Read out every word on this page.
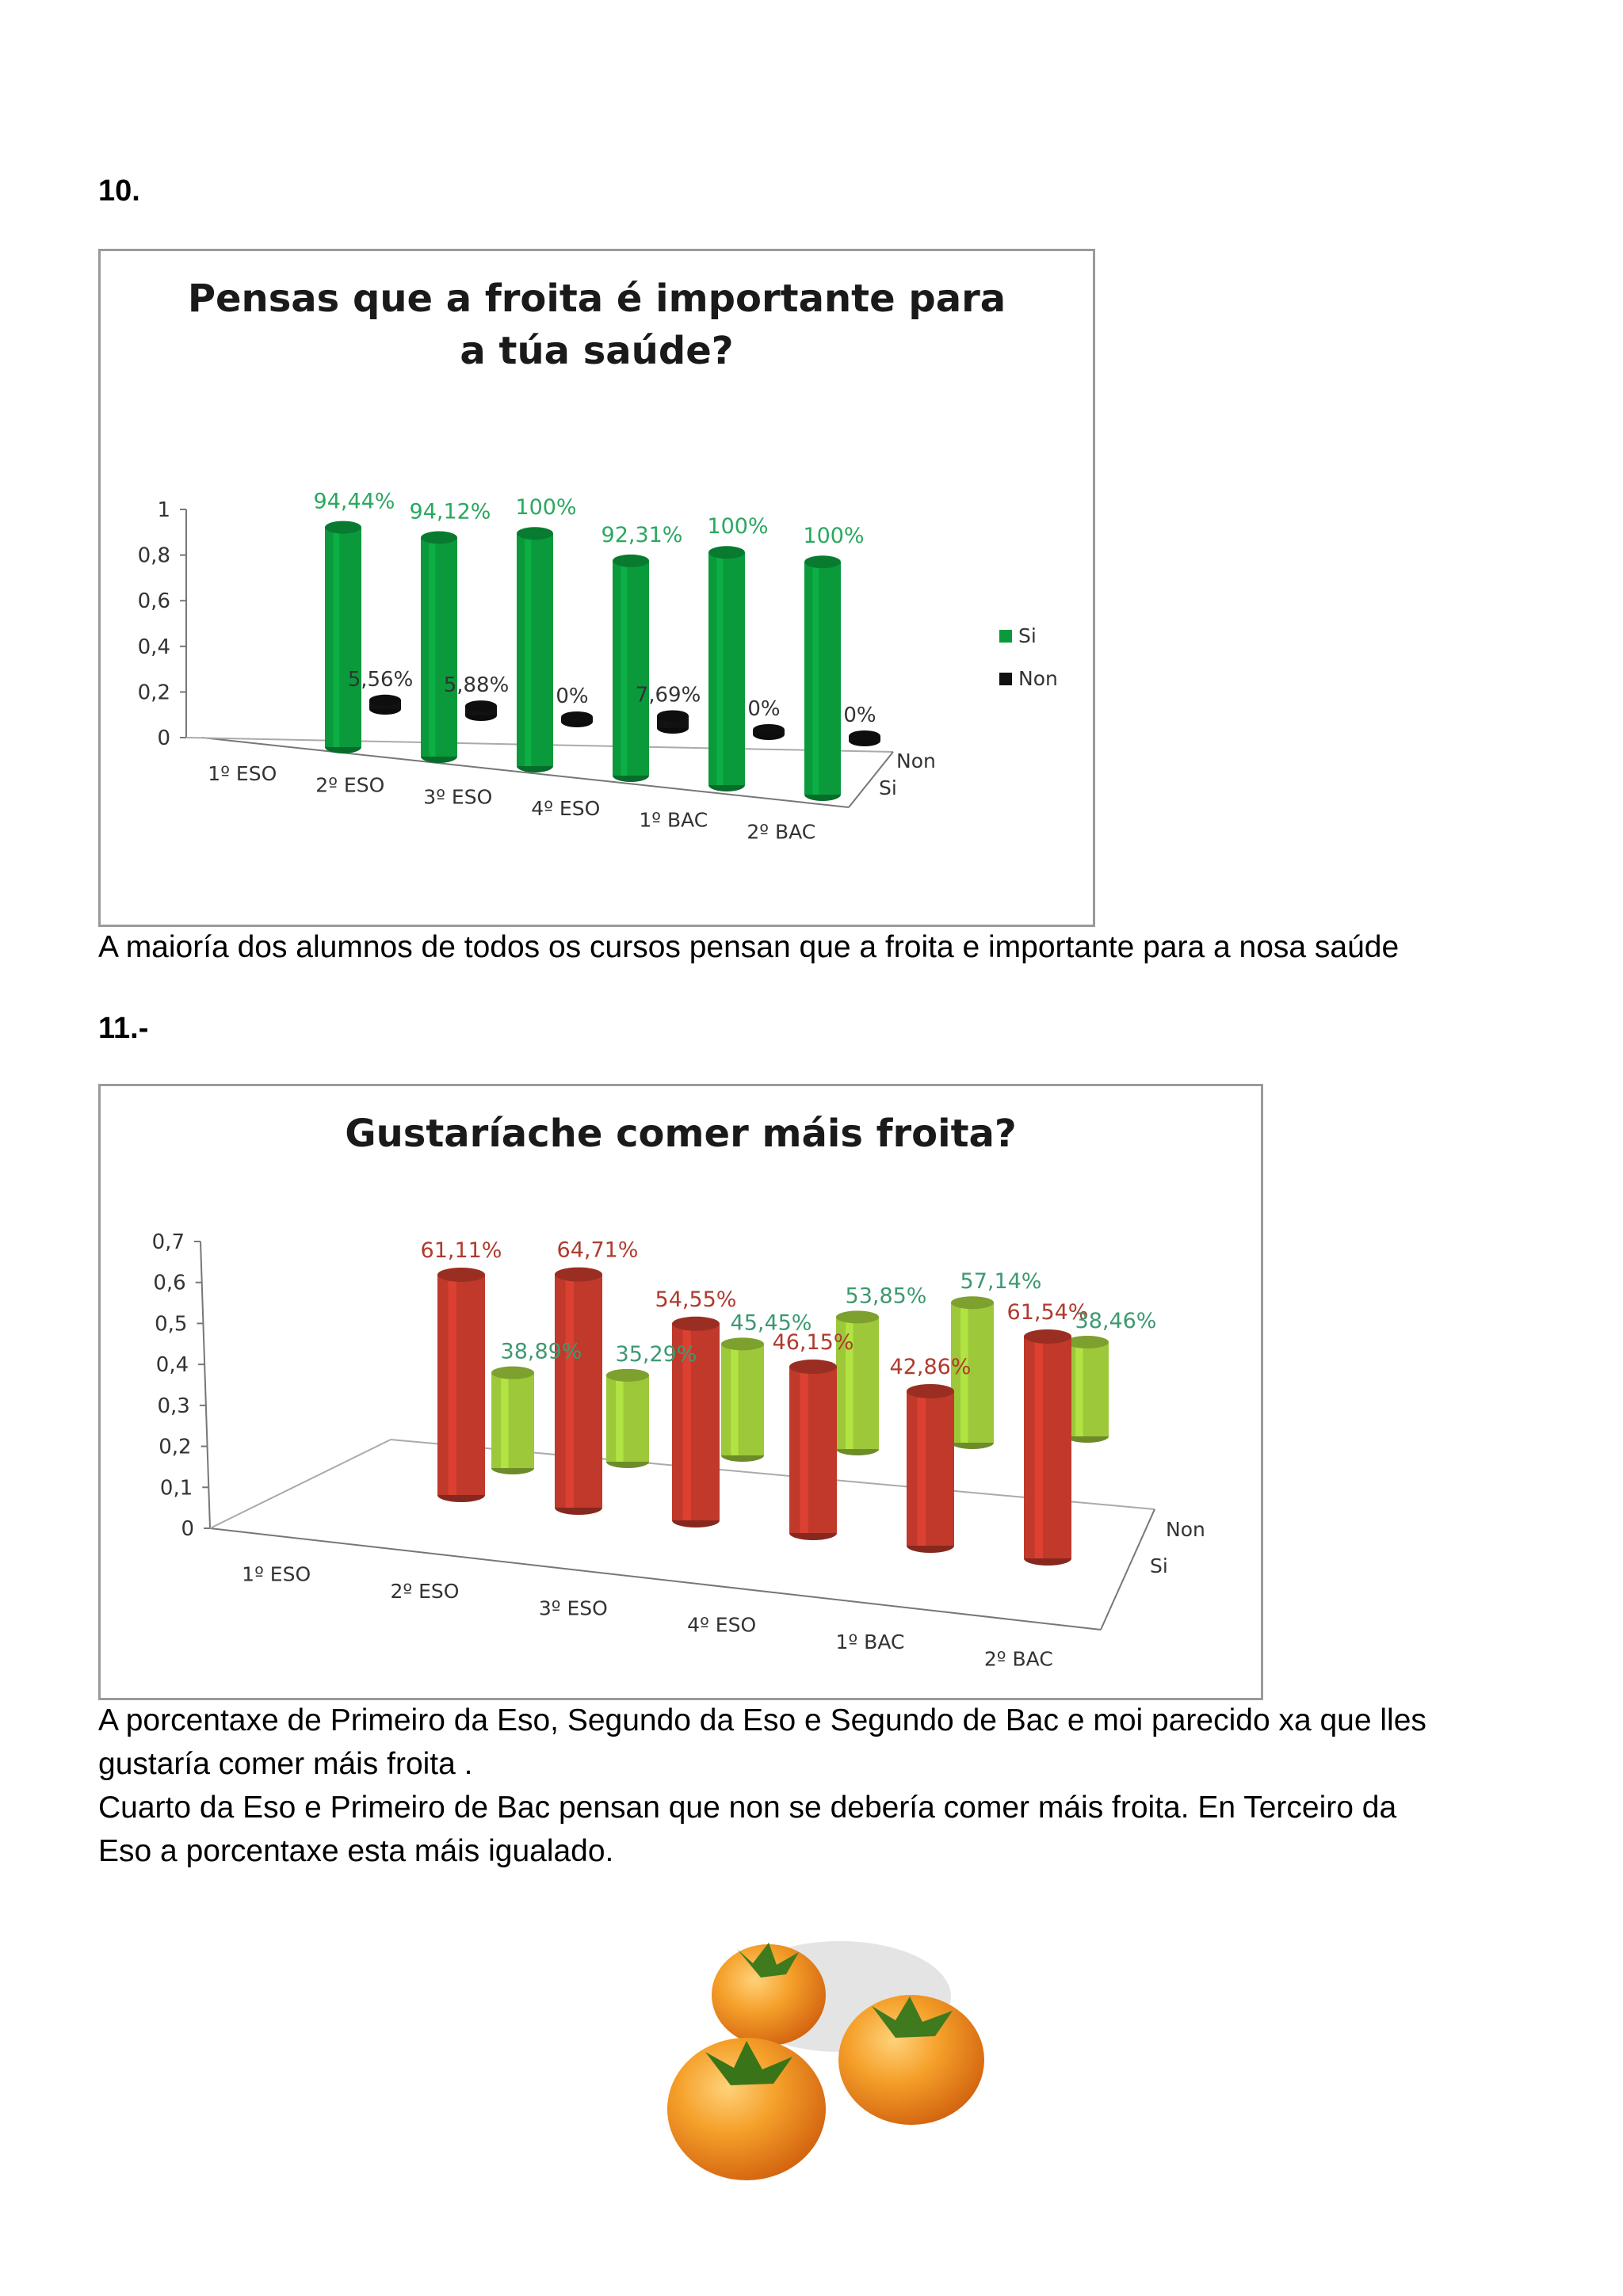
10.
Pensas que a froita é importante para
a túa saúde?
1
0,8
0,6
0,4
0,2
0
1º ESO
2º ESO
3º ESO
4º ESO
1º BAC
2º BAC
94,44%
5,56%
94,12%
5,88%
100%
0%
92,31%
7,69%
100%
0%
100%
0%
Non
Si
Si
Non
A maioría dos alumnos de todos os cursos pensan que a froita e importante para a nosa saúde
11.-
Gustaríache comer máis froita?
0,7
0,6
0,5
0,4
0,3
0,2
0,1
0
1º ESO
2º ESO
3º ESO
4º ESO
1º BAC
2º BAC
61,11%
38,89%
64,71%
35,29%
54,55%
45,45%
46,15%
53,85%
42,86%
57,14%
61,54%
38,46%
Non
Si
A porcentaxe de Primeiro da Eso, Segundo da Eso e Segundo de Bac e moi parecido xa que lles
gustaría comer máis froita .
Cuarto da Eso e Primeiro de Bac pensan que non se debería comer máis froita. En Terceiro da
Eso a porcentaxe esta máis igualado.
